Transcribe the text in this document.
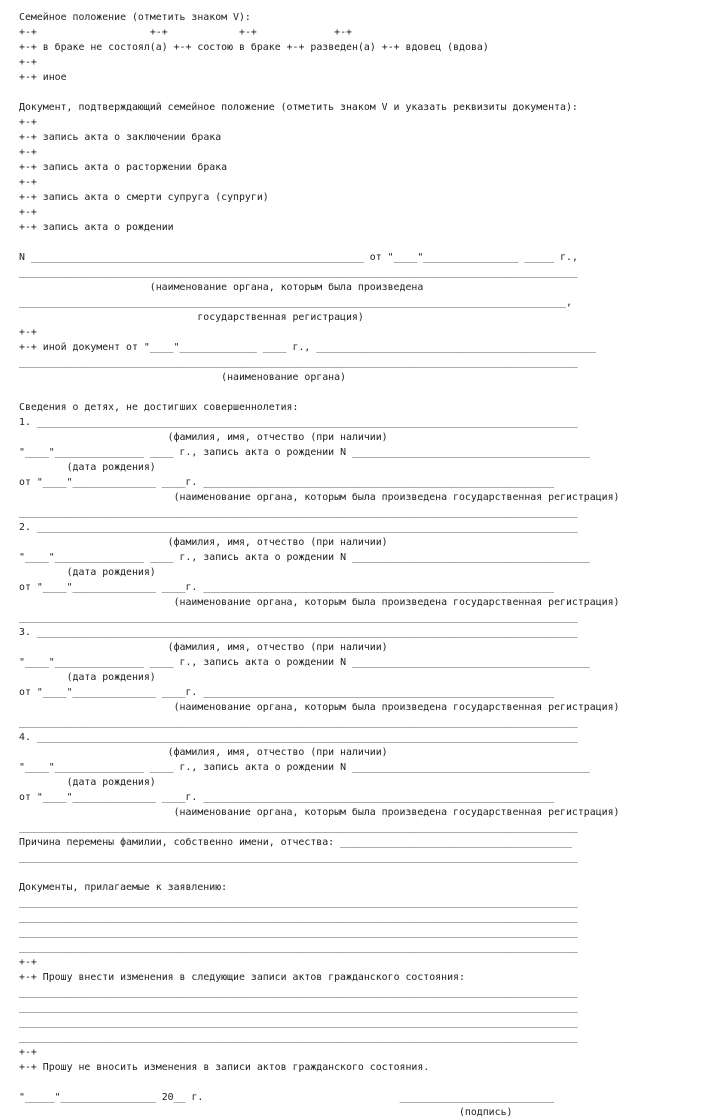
Семейное положение (отметить знаком V):
+-+	+-+	+-+	+-+
+-+ в браке не состоял(а) +-+ состою в браке +-+ разведен(а) +-+ вдовец (вдова)
+-+
+-+ иное

Документ, подтверждающий семейное положение (отметить знаком V и указать реквизиты документа):
+-+
+-+ запись акта о заключении брака
+-+
+-+ запись акта о расторжении брака
+-+
+-+ запись акта о смерти супруга (супруги)
+-+
+-+ запись акта о рождении

N ________________________________________________________ от "____"________________ _____ г.,
______________________________________________________________________________________________
(наименование органа, которым была произведена
____________________________________________________________________________________________,
государственная регистрация)
+-+
+-+ иной документ от "____"_____________ ____ г., _______________________________________________
______________________________________________________________________________________________
(наименование органа)

Сведения о детях, не достигших совершеннолетия:
1. ___________________________________________________________________________________________
(фамилия, имя, отчество (при наличии)
"____"_______________ ____ г., запись акта о рождении N ________________________________________
(дата рождения)
от "____"______________ ____г. ___________________________________________________________
(наименование органа, которым была произведена государственная регистрация)
______________________________________________________________________________________________
2. ___________________________________________________________________________________________
(фамилия, имя, отчество (при наличии)
"____"_______________ ____ г., запись акта о рождении N ________________________________________
(дата рождения)
от "____"______________ ____г. ___________________________________________________________
(наименование органа, которым была произведена государственная регистрация)
______________________________________________________________________________________________
3. ___________________________________________________________________________________________
(фамилия, имя, отчество (при наличии)
"____"_______________ ____ г., запись акта о рождении N ________________________________________
(дата рождения)
от "____"______________ ____г. ___________________________________________________________
(наименование органа, которым была произведена государственная регистрация)
______________________________________________________________________________________________
4. ___________________________________________________________________________________________
(фамилия, имя, отчество (при наличии)
"____"_______________ ____ г., запись акта о рождении N ________________________________________
(дата рождения)
от "____"______________ ____г. ___________________________________________________________
(наименование органа, которым была произведена государственная регистрация)
______________________________________________________________________________________________
Причина перемены фамилии, собственно имени, отчества: _______________________________________
______________________________________________________________________________________________

Документы, прилагаемые к заявлению:
______________________________________________________________________________________________
______________________________________________________________________________________________
______________________________________________________________________________________________
______________________________________________________________________________________________
+-+
+-+ Прошу внести изменения в следующие записи актов гражданского состояния:
______________________________________________________________________________________________
______________________________________________________________________________________________
______________________________________________________________________________________________
______________________________________________________________________________________________
+-+
+-+ Прошу не вносить изменения в записи актов гражданского состояния.

"_____"________________ 20__ г.	__________________________
(подпись)
